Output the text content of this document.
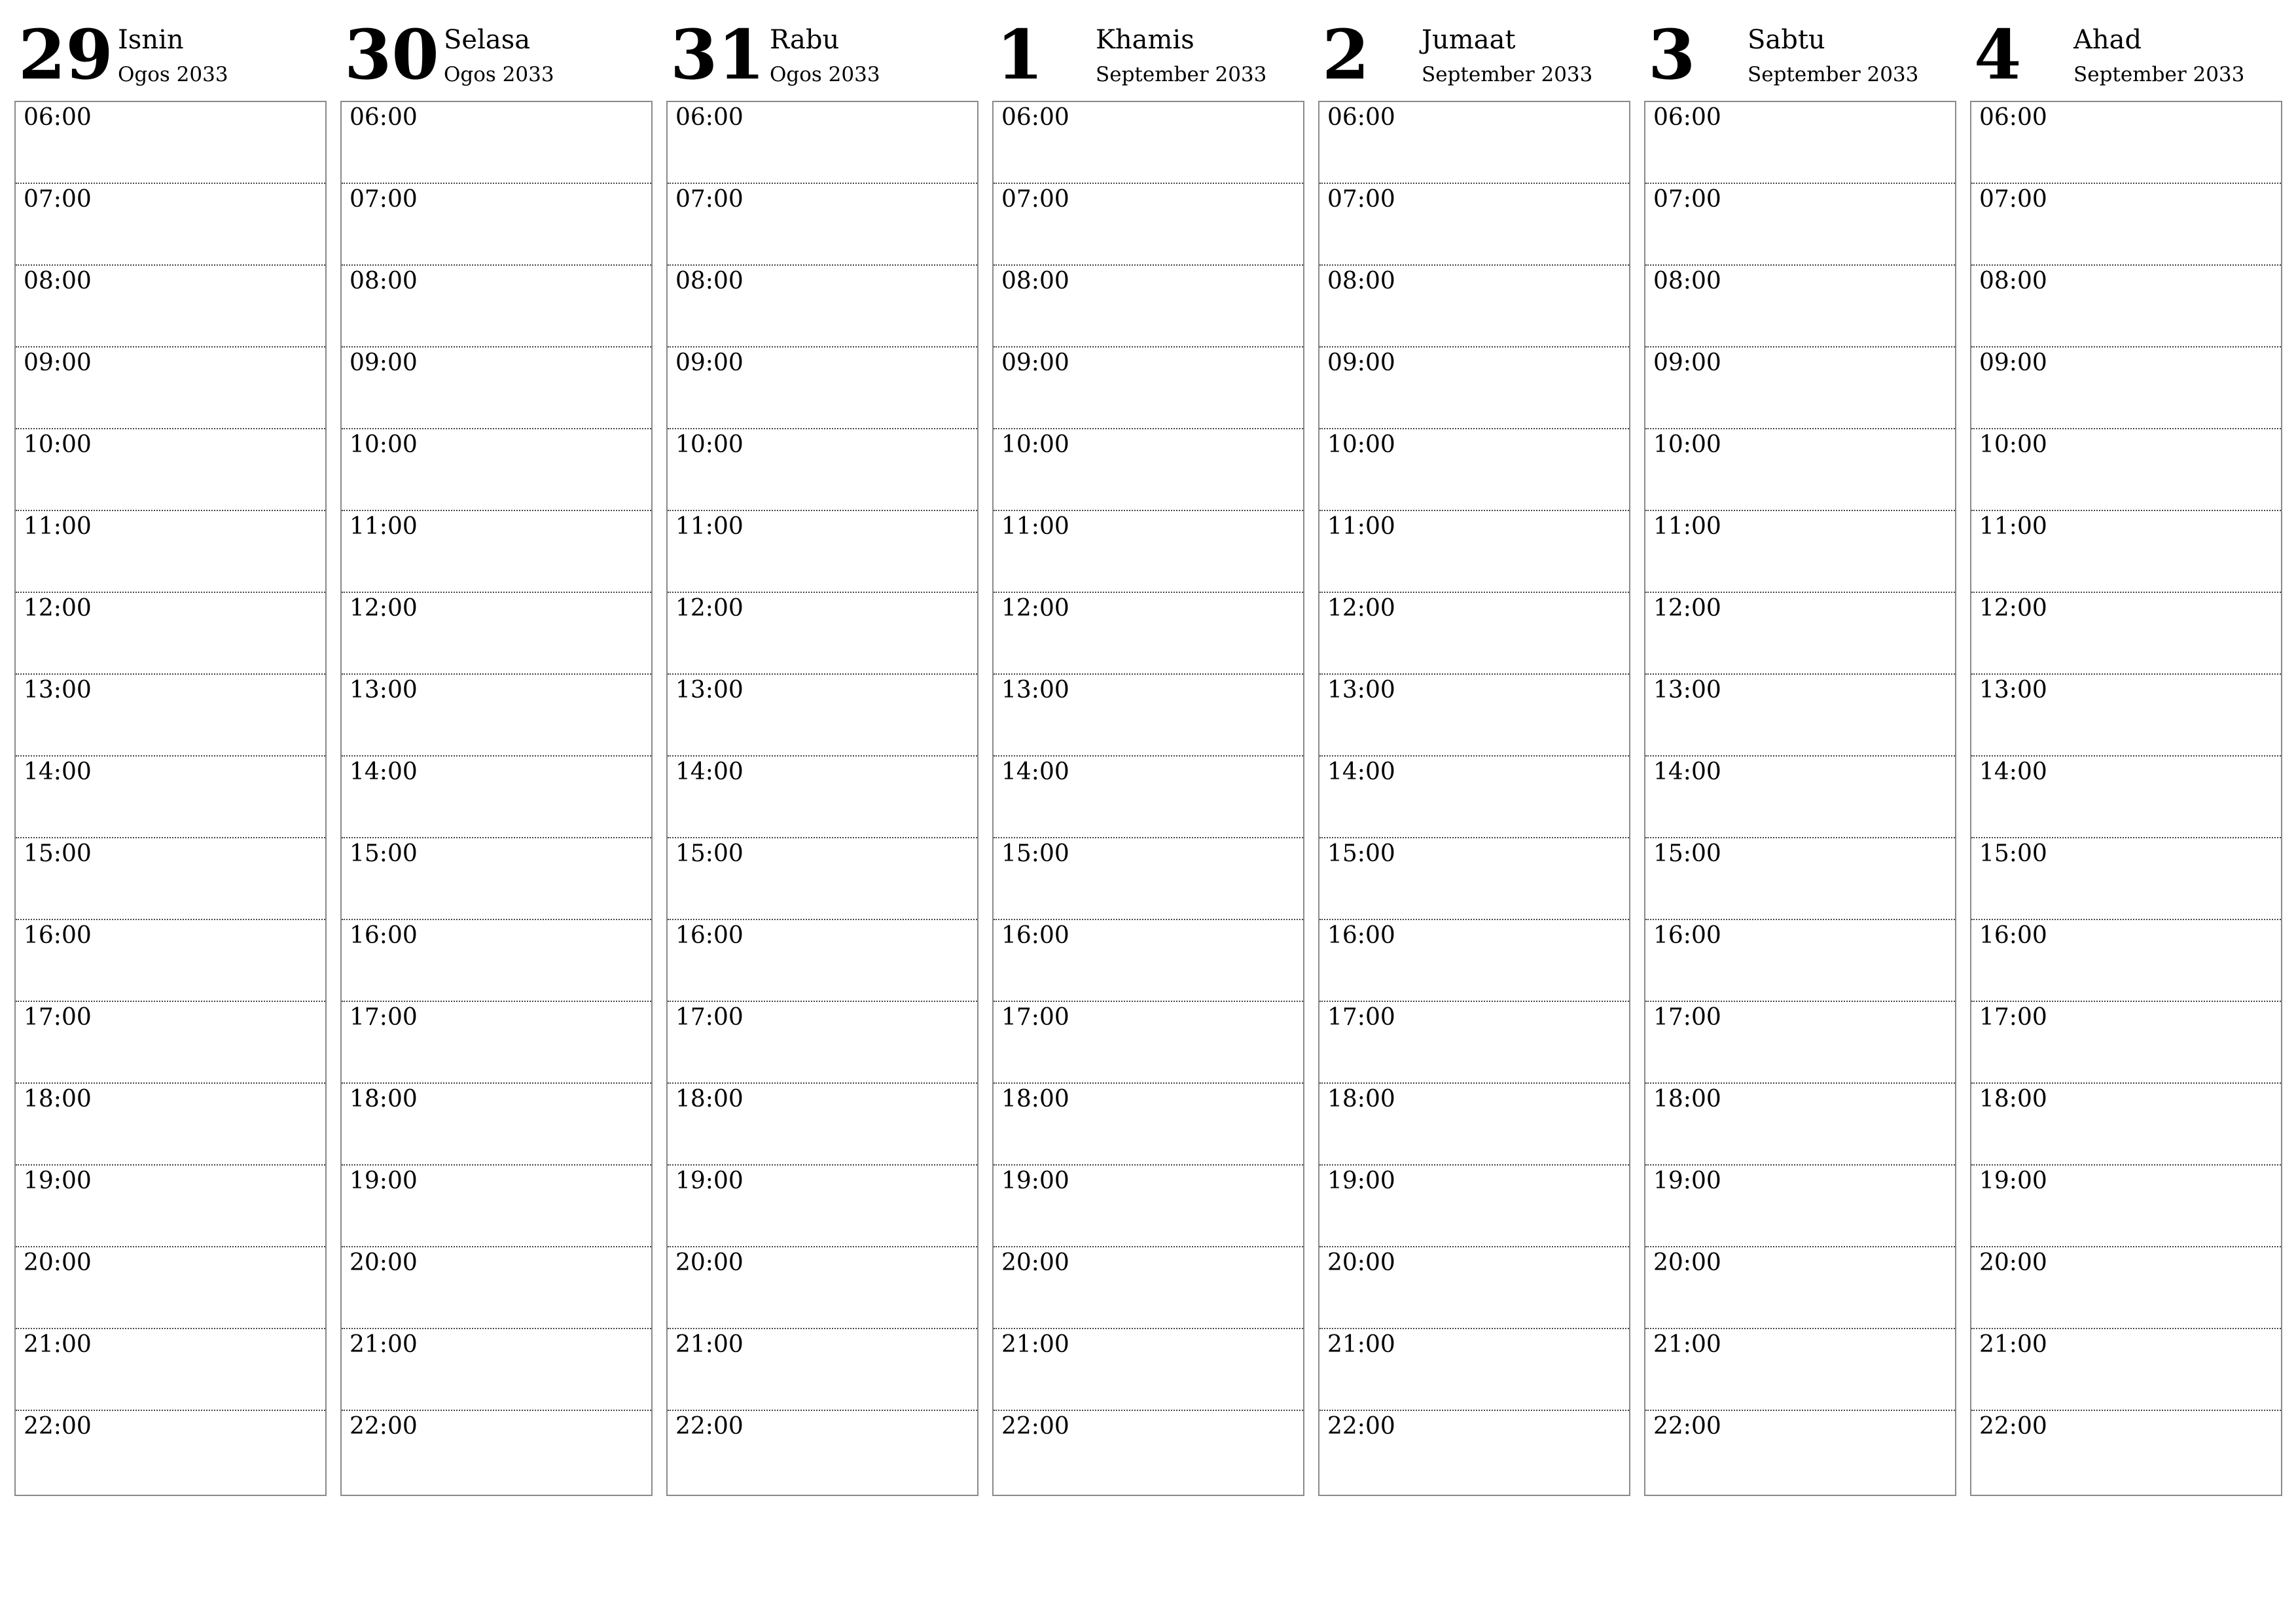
29 Isnin
Ogos 2033
06:00
07:00
08:00
09:00
10:00
11:00
12:00
13:00
14:00
15:00
16:00
17:00
18:00
19:00
20:00
21:00
22:00
30 Selasa
Ogos 2033
06:00
07:00
08:00
09:00
10:00
11:00
12:00
13:00
14:00
15:00
16:00
17:00
18:00
19:00
20:00
21:00
22:00
31 Rabu
Ogos 2033
06:00
07:00
08:00
09:00
10:00
11:00
12:00
13:00
14:00
15:00
16:00
17:00
18:00
19:00
20:00
21:00
22:00
1 Khamis
September 2033
06:00
07:00
08:00
09:00
10:00
11:00
12:00
13:00
14:00
15:00
16:00
17:00
18:00
19:00
20:00
21:00
22:00
2 Jumaat
September 2033
06:00
07:00
08:00
09:00
10:00
11:00
12:00
13:00
14:00
15:00
16:00
17:00
18:00
19:00
20:00
21:00
22:00
3 Sabtu
September 2033
06:00
07:00
08:00
09:00
10:00
11:00
12:00
13:00
14:00
15:00
16:00
17:00
18:00
19:00
20:00
21:00
22:00
4 Ahad
September 2033
06:00
07:00
08:00
09:00
10:00
11:00
12:00
13:00
14:00
15:00
16:00
17:00
18:00
19:00
20:00
21:00
22:00
